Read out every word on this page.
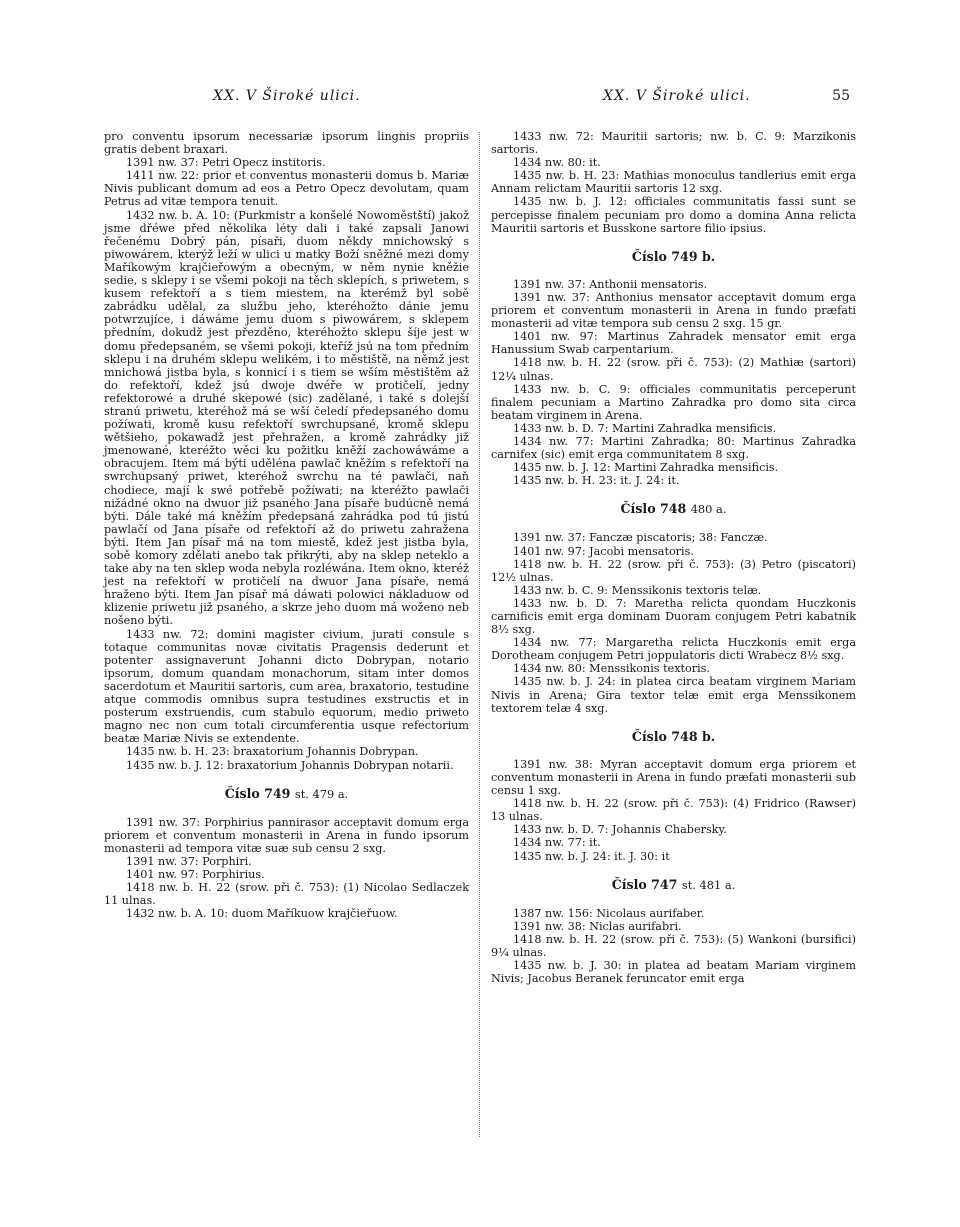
XX. V Široké ulici.	XX. V Široké ulici.	55

pro conventu ipsorum necessariæ ipsorum lingnis propriis gratis debent braxari.

1391 nw. 37: Petri Opecz institoris.

1411 nw. 22: prior et conventus monasterii domus b. Mariæ Nivis publicant domum ad eos a Petro Opecz devolutam, quam Petrus ad vitæ tempora tenuit.

1432 nw. b. A. 10: (Purkmistr a konšelé Nowoměstští) jakož jsme dřéwe před několika léty dali i také zapsali Janowi řečenému Dobrý pán, písaři, duom někdy mnichowský s piwowárem, kterýž leží w ulici u matky Boží sněžné mezi domy Maříkowým krajčieřowým a obecným, w něm nynie kněžie sedie, s sklepy i se všemi pokoji na těch sklepích, s priwetem, s kusem refektoří a s tiem miestem, na kterémž byl sobě zabrádku udělal, za službu jeho, kteréhožto dánie jemu potwrzujíce, i dáwáme jemu duom s piwowárem, s sklepem předním, dokudž jest přezděno, kteréhožto sklepu šíje jest w domu předepsaném, se všemi pokoji, kteříž jsú na tom předním sklepu i na druhém sklepu welikém, i to městiště, na němž jest mnichowá jistba byla, s konnicí i s tiem se wším městištěm až do refektoří, kdež jsú dwoje dwéře w protičelí, jedny refektorowé a druhé skepowé (sic) zadělané, i také s dolejší stranú priwetu, kteréhož má se wší čeledí předepsaného domu požíwati, kromě kusu refektoří swrchupsané, kromě sklepu wětšieho, pokawadž jest přehražen, a kromě zahrádky již jmenowané, kteréžto wěci ku požitku kněží zachowáwáme a obracujem. Item má býti uděléna pawlač kněžím s refektoří na swrchupsaný priwet, kteréhož swrchu na té pawlači, naň chodiece, mají k swé potřebě požíwati; na kteréžto pawlači nižádné okno na dwuor již psaného Jana písaře budúcně nemá býti. Dále také má kněžím předepsaná zahrádka pod tú jistú pawlačí od Jana písaře od refektoří až do priwetu zahražena býti. Item Jan písař má na tom miestě, kdež jest jistba byla, sobě komory zdělati anebo tak přikrýti, aby na sklep neteklo a take aby na ten sklep woda nebyla rozléwána. Item okno, kteréž jest na refektoří w protičelí na dwuor Jana písaře, nemá hraženo býti. Item Jan písař má dáwati polowici nákladuow od klizenie priwetu již psaného, a skrze jeho duom má woženo neb nošeno býti.

1433 nw. 72: domini magister civium, jurati consule s totaque communitas novæ civitatis Pragensis dederunt et potenter assignaverunt Johanni dicto Dobrypan, notario ipsorum, domum quandam monachorum, sitam inter domos sacerdotum et Mauritii sartoris, cum area, braxatorio, testudine atque commodis omnibus supra testudines exstructis et in posterum exstruendis, cum stabulo equorum, medio priweto magno nec non cum totali circumferentia usque refectorium beatæ Mariæ Nivis se extendente.

1435 nw. b. H. 23: braxatorium Johannis Dobrypan.

1435 nw. b. J. 12: braxatorium Johannis Dobrypan notarii.

Číslo 749 st. 479 a.

1391 nw. 37: Porphirius pannirasor acceptavit domum erga priorem et conventum monasterii in Arena in fundo ipsorum monasterii ad tempora vitæ suæ sub censu 2 sxg.

1391 nw. 37: Porphiri.

1401 nw. 97: Porphirius.

1418 nw. b. H. 22 (srow. při č. 753): (1) Nicolao Sedlaczek 11 ulnas.

1432 nw. b. A. 10: duom Maříkuow krajčieřuow.

1433 nw. 72: Mauritii sartoris; nw. b. C. 9: Marzikonis sartoris.

1434 nw. 80: it.

1435 nw. b. H. 23: Mathias monoculus tandlerius emit erga Annam relictam Mauritii sartoris 12 sxg.

1435 nw. b. J. 12: officiales communitatis fassi sunt se percepisse finalem pecuniam pro domo a domina Anna relicta Mauritii sartoris et Busskone sartore filio ipsius.

Číslo 749 b.

1391 nw. 37: Anthonii mensatoris.

1391 nw. 37: Anthonius mensator acceptavit domum erga priorem et conventum monasterii in Arena in fundo præfati monasterii ad vitæ tempora sub censu 2 sxg. 15 gr.

1401 nw. 97: Martinus Zahradek mensator emit erga Hanussium Swab carpentarium.

1418 nw. b. H. 22 (srow. při č. 753): (2) Mathiæ (sartori) 12¼ ulnas.

1433 nw. b. C. 9: officiales communitatis perceperunt finalem pecuniam a Martino Zahradka pro domo sita circa beatam virginem in Arena.

1433 nw. b. D. 7: Martini Zahradka mensificis.

1434 nw. 77: Martini Zahradka; 80: Martinus Zahradka carnifex (sic) emit erga communitatem 8 sxg.

1435 nw. b. J. 12: Martini Zahradka mensificis.

1435 nw. b. H. 23: it. J. 24: it.

Číslo 748 480 a.

1391 nw. 37: Fanczæ piscatoris; 38: Fanczæ.

1401 nw. 97: Jacobi mensatoris.

1418 nw. b. H. 22 (srow. při č. 753): (3) Petro (piscatori) 12½ ulnas.

1433 nw. b. C. 9: Menssikonis textoris telæ.

1433 nw. b. D. 7: Maretha relicta quondam Huczkonis carnificis emit erga dominam Duoram conjugem Petri kabatnik 8½ sxg.

1434 nw. 77: Margaretha relicta Huczkonis emit erga Dorotheam conjugem Petri joppulatoris dicti Wrabecz 8½ sxg.

1434 nw. 80: Menssikonis textoris.

1435 nw. b. J. 24: in platea circa beatam virginem Mariam Nivis in Arena; Gira textor telæ emit erga Menssikonem textorem telæ 4 sxg.

Číslo 748 b.

1391 nw. 38: Myran acceptavit domum erga priorem et conventum monasterii in Arena in fundo præfati monasterii sub censu 1 sxg.

1418 nw. b. H. 22 (srow. při č. 753): (4) Fridrico (Rawser) 13 ulnas.

1433 nw. b. D. 7: Johannis Chabersky.

1434 nw. 77: it.

1435 nw. b. J. 24: it. J. 30: it

Číslo 747 st. 481 a.

1387 nw. 156: Nicolaus aurifaber.

1391 nw. 38: Niclas aurifabri.

1418 nw. b. H. 22 (srow. při č. 753): (5) Wankoni (bursifici) 9¼ ulnas.

1435 nw. b. J. 30: in platea ad beatam Mariam virginem Nivis; Jacobus Beranek feruncator emit erga
